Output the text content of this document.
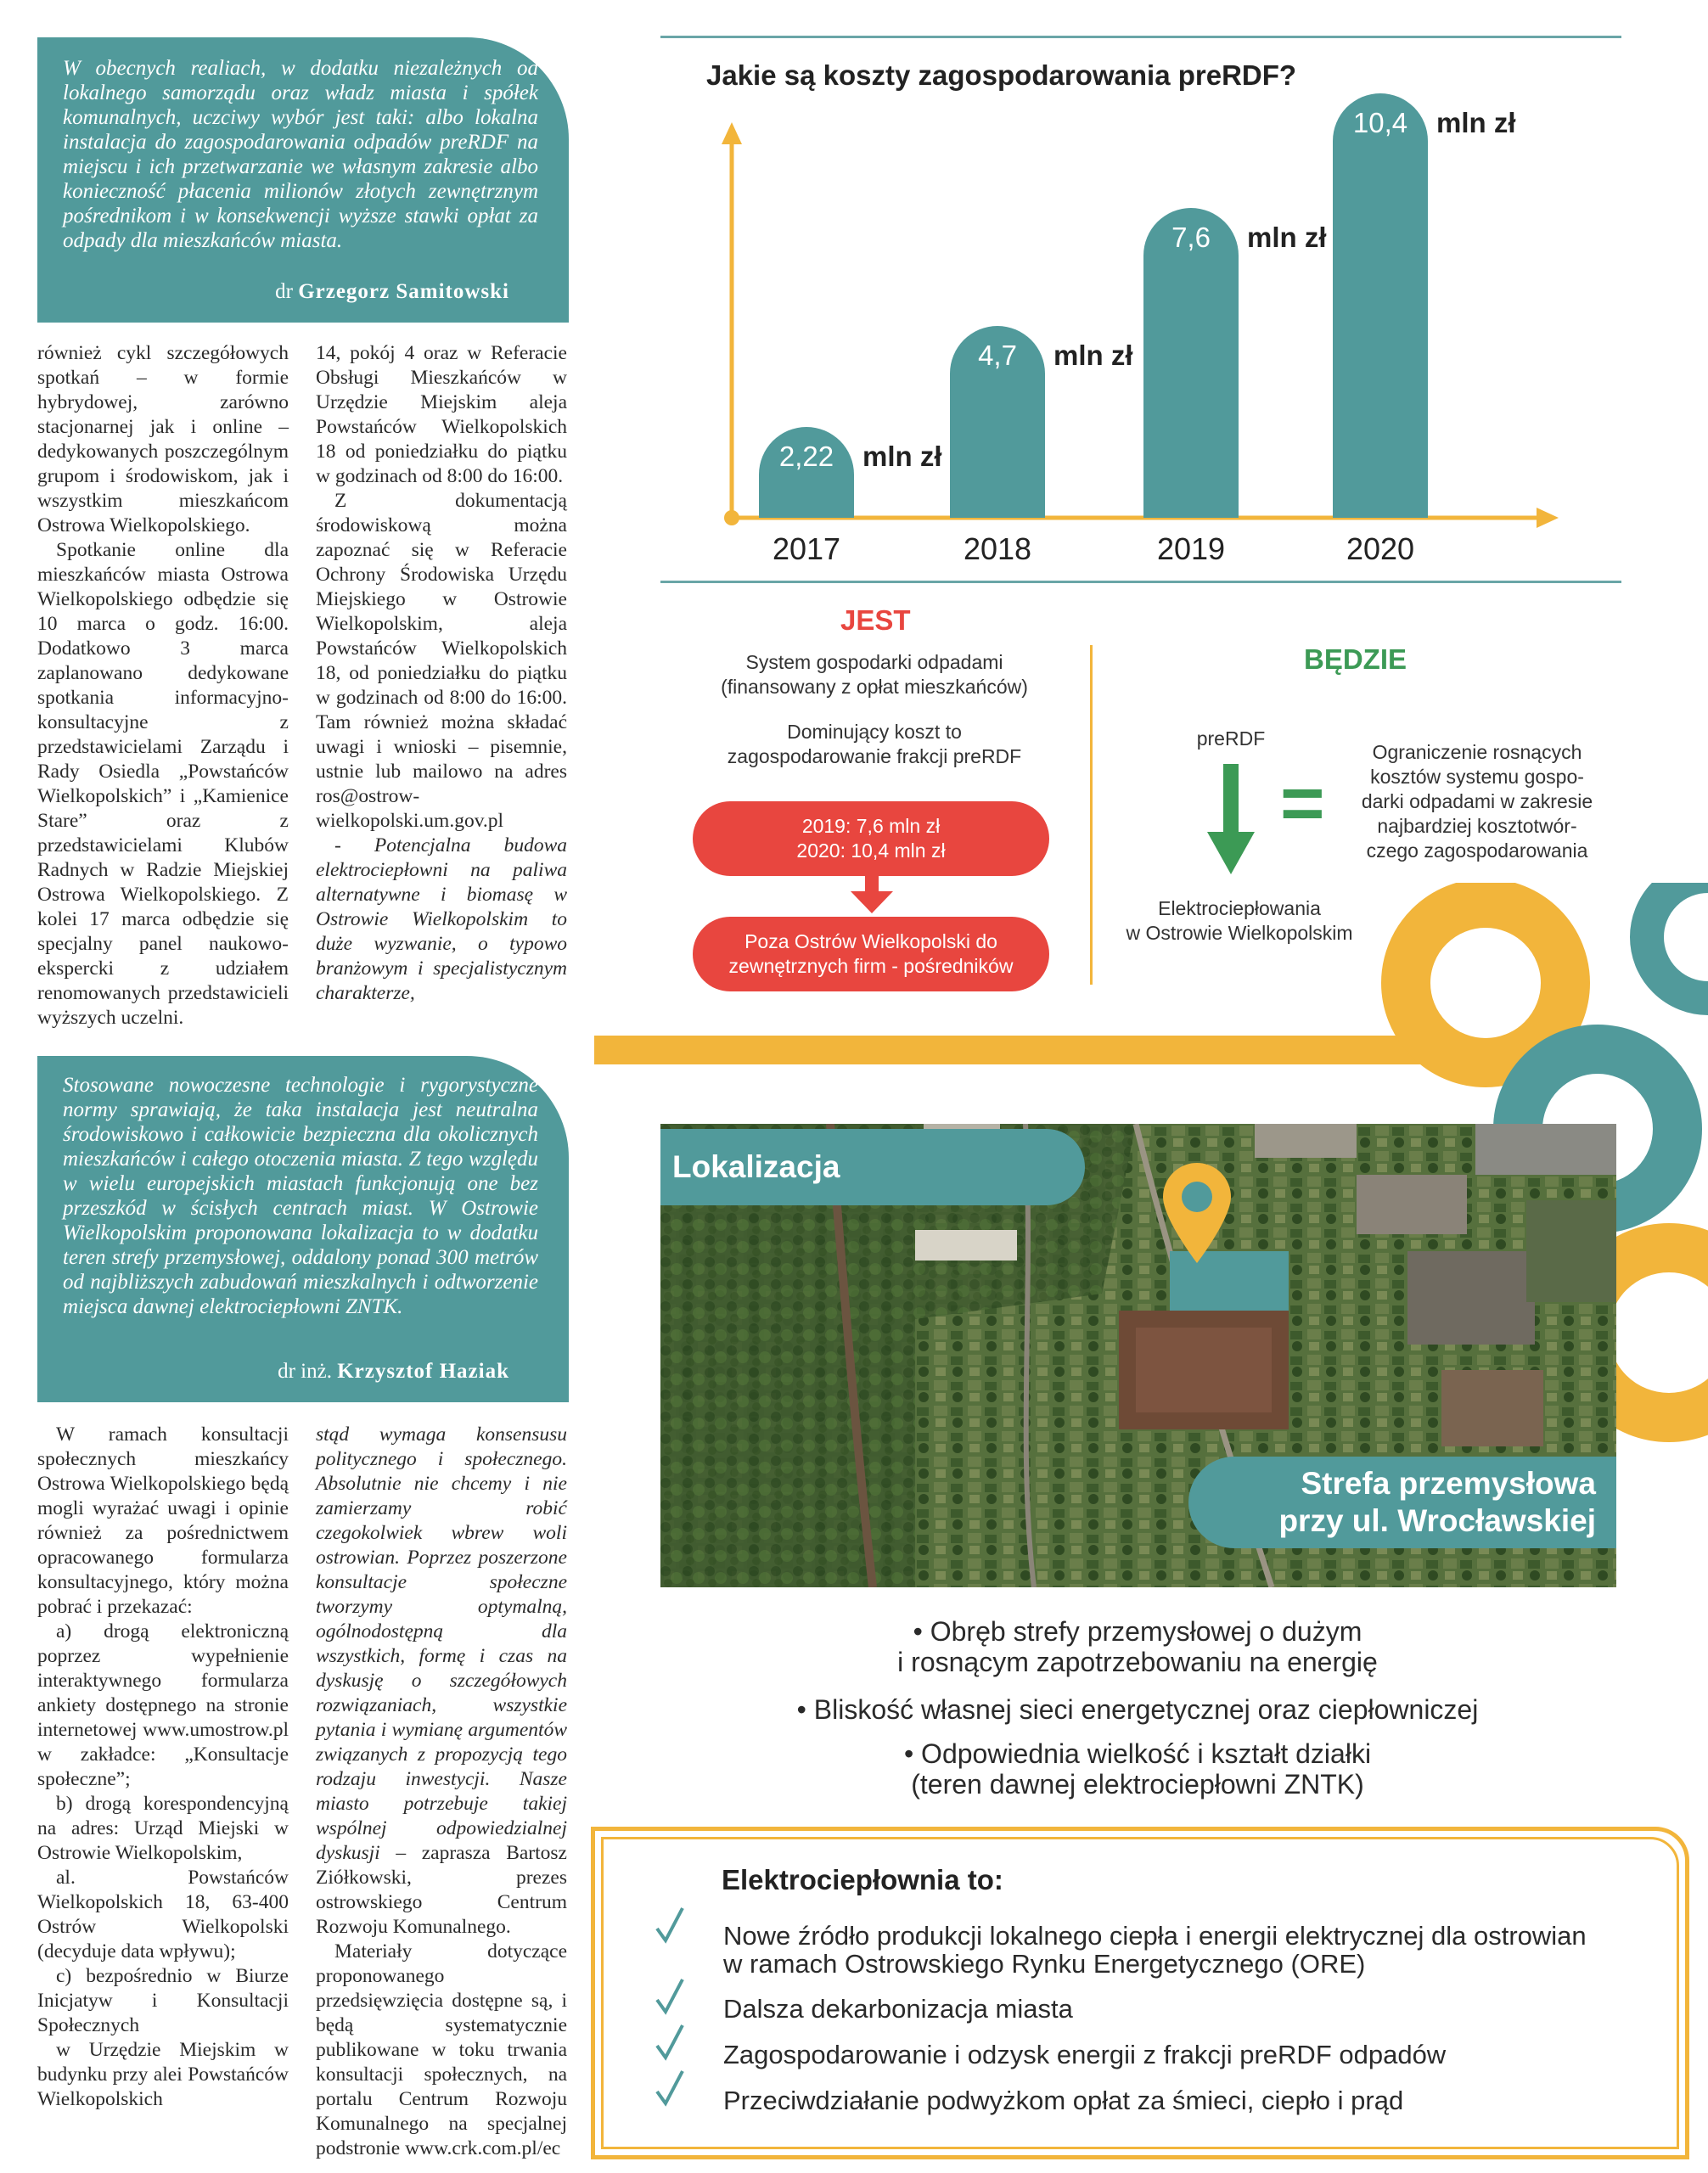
W obecnych realiach, w dodatku niezależnych od lokalnego samorządu oraz władz miasta i spółek komunalnych, uczciwy wybór jest taki: albo lokalna instalacja do zagospodarowania odpadów preRDF na miejscu i ich przetwarzanie we własnym zakresie albo konieczność płacenia milionów złotych zewnętrznym pośrednikom i w konsekwencji wyższe stawki opłat za odpady dla mieszkańców miasta.
dr Grzegorz Samitowski

również cykl szczegółowych spotkań – w formie hybrydowej, zarówno stacjonarnej jak i online – dedykowanych poszczególnym grupom i środowiskom, jak i wszystkim mieszkańcom Ostrowa Wielkopolskiego.

Spotkanie online dla mieszkańców miasta Ostrowa Wielkopolskiego odbędzie się 10 marca o godz. 16:00. Dodatkowo 3 marca zaplanowano dedykowane spotkania informacyjno-konsultacyjne z przedstawicielami Zarządu i Rady Osiedla „Powstańców Wielkopolskich” i „Kamienice Stare” oraz z przedstawicielami Klubów Radnych w Radzie Miejskiej Ostrowa Wielkopolskiego. Z kolei 17 marca odbędzie się specjalny panel naukowo-ekspercki z udziałem renomowanych przedstawicieli wyższych uczelni.

14, pokój 4 oraz w Referacie Obsługi Mieszkańców w Urzędzie Miejskim aleja Powstańców Wielkopolskich 18 od poniedziałku do piątku w godzinach od 8:00 do 16:00.

Z dokumentacją środowiskową można zapoznać się w Referacie Ochrony Środowiska Urzędu Miejskiego w Ostrowie Wielkopolskim, aleja Powstańców Wielkopolskich 18, od poniedziałku do piątku w godzinach od 8:00 do 16:00. Tam również można składać uwagi i wnioski – pisemnie, ustnie lub mailowo na adres ros@ostrow-wielkopolski.um.gov.pl

- Potencjalna budowa elektrociepłowni na paliwa alternatywne i biomasę w Ostrowie Wielkopolskim to duże wyzwanie, o typowo branżowym i specjalistycznym charakterze,

Stosowane nowoczesne technologie i rygorystyczne normy sprawiają, że taka instalacja jest neutralna środowiskowo i całkowicie bezpieczna dla okolicznych mieszkańców i całego otoczenia miasta. Z tego względu w wielu europejskich miastach funkcjonują one bez przeszkód w ścisłych centrach miast. W Ostrowie Wielkopolskim proponowana lokalizacja to w dodatku teren strefy przemysłowej, oddalony ponad 300 metrów od najbliższych zabudowań mieszkalnych i odtworzenie miejsca dawnej elektrociepłowni ZNTK.
dr inż. Krzysztof Haziak

W ramach konsultacji społecznych mieszkańcy Ostrowa Wielkopolskiego będą mogli wyrażać uwagi i opinie również za pośrednictwem opracowanego formularza konsultacyjnego, który można pobrać i przekazać:

a) drogą elektroniczną poprzez wypełnienie interaktywnego formularza ankiety dostępnego na stronie internetowej www.umostrow.pl w zakładce: „Konsultacje społeczne”;

b) drogą korespondencyjną na adres: Urząd Miejski w Ostrowie Wielkopolskim,

al. Powstańców Wielkopolskich 18, 63-400 Ostrów Wielkopolski (decyduje data wpływu);

c) bezpośrednio w Biurze Inicjatyw i Konsultacji Społecznych

w Urzędzie Miejskim w budynku przy alei Powstańców Wielkopolskich

stąd wymaga konsensusu politycznego i społecznego. Absolutnie nie chcemy i nie zamierzamy robić czegokolwiek wbrew woli ostrowian. Poprzez poszerzone konsultacje społeczne tworzymy optymalną, ogólnodostępną dla wszystkich, formę i czas na dyskusję o szczegółowych rozwiązaniach, wszystkie pytania i wymianę argumentów związanych z propozycją tego rodzaju inwestycji. Nasze miasto potrzebuje takiej wspólnej odpowiedzialnej dyskusji – zaprasza Bartosz Ziółkowski, prezes ostrowskiego Centrum Rozwoju Komunalnego.

Materiały dotyczące proponowanego przedsięwzięcia dostępne są, i będą systematycznie publikowane w toku trwania konsultacji społecznych, na portalu Centrum Rozwoju Komunalnego na specjalnej podstronie www.crk.com.pl/ec

Jakie są koszty zagospodarowania preRDF?
2,22	mln zł
2017
4,7	mln zł
2018
7,6	mln zł
2019
10,4	mln zł
2020
JEST
System gospodarki odpadami
(finansowany z opłat mieszkańców)
Dominujący koszt to
zagospodarowanie frakcji preRDF
2019: 7,6 mln zł
2020: 10,4 mln zł
Poza Ostrów Wielkopolski do
zewnętrznych firm - pośredników
BĘDZIE
preRDF
=
Ograniczenie rosnących
kosztów systemu gospo-
darki odpadami w zakresie
najbardziej kosztotwór-
czego zagospodarowania
Elektrociepłowania
w Ostrowie Wielkopolskim
Lokalizacja
Strefa przemysłowa
przy ul. Wrocławskiej
• Obręb strefy przemysłowej o dużym
i rosnącym zapotrzebowaniu na energię
• Bliskość własnej sieci energetycznej oraz ciepłowniczej
• Odpowiednia wielkość i kształt działki
(teren dawnej elektrociepłowni ZNTK)
Elektrociepłownia to:
Nowe źródło produkcji lokalnego ciepła i energii elektrycznej dla ostrowian
w ramach Ostrowskiego Rynku Energetycznego (ORE)
Dalsza dekarbonizacja miasta
Zagospodarowanie i odzysk energii z frakcji preRDF odpadów
Przeciwdziałanie podwyżkom opłat za śmieci, ciepło i prąd
